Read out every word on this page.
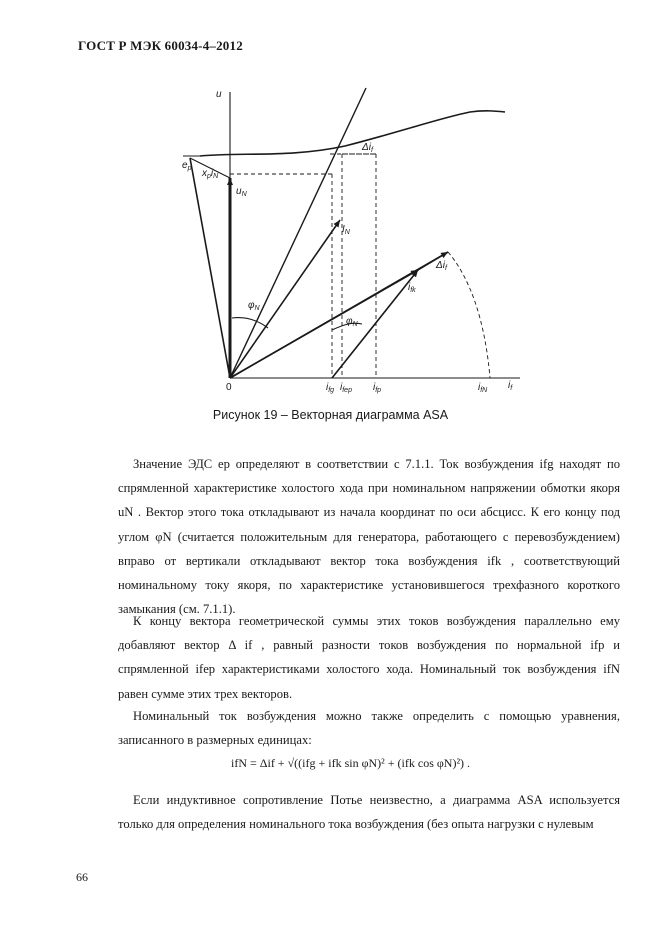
ГОСТ Р МЭК 60034-4–2012
u
$i_f$
0
$e_p$ $x_pi_N$
$u_N$
$I_N$
$\varphi_N$
$\varphi_N$
$i_{fk}$
$\Delta i_f$
$\Delta i_f$
$i_{fg}$ $i_{fep}$ $i_{fp}$	$i_{fN}$
Рисунок 19 – Векторная диаграмма ASA

Значение ЭДС eр определяют в соответствии с 7.1.1. Ток возбуждения ifg находят по спрямленной характеристике холостого хода при номинальном напряжении обмотки якоря uN . Вектор этого тока откладывают из начала координат по оси абсцисс. К его концу под углом φN (считается положительным для генератора, работающего с перевозбуждением) вправо от вертикали откладывают вектор тока возбуждения ifk , соответствующий номинальному току якоря, по характеристике установившегося трехфазного короткого замыкания (см. 7.1.1).

К концу вектора геометрической суммы этих токов возбуждения параллельно ему добавляют вектор Δ if , равный разности токов возбуждения по нормальной ifp и спрямленной ifep характеристиками холостого хода. Номинальный ток возбуждения ifN равен сумме этих трех векторов.

Номинальный ток возбуждения можно также определить с помощью уравнения, записанного в размерных единицах:

ifN = Δif + √((ifg + ifk sin φN)² + (ifk cos φN)²) .

Если индуктивное сопротивление Потье неизвестно, а диаграмма ASA используется только для определения номинального тока возбуждения (без опыта нагрузки с нулевым

66
